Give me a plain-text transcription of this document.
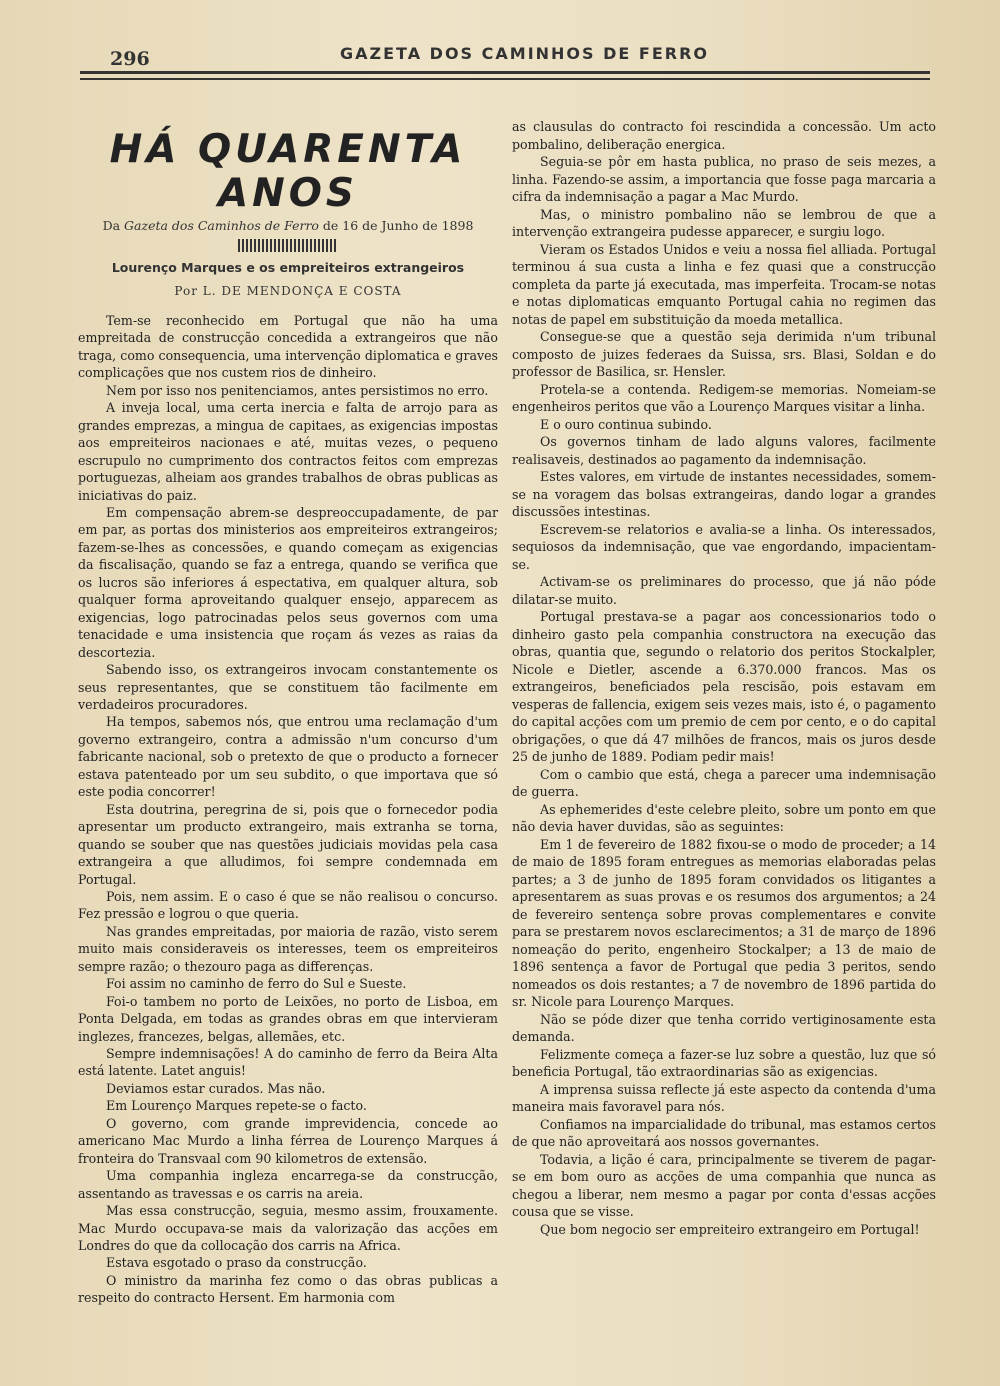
296	GAZETA DOS CAMINHOS DE FERRO
HÁ QUARENTA ANOS
Da Gazeta dos Caminhos de Ferro de 16 de Junho de 1898
Lourenço Marques e os empreiteiros extrangeiros
Por L. DE MENDONÇA E COSTA

Tem-se reconhecido em Portugal que não ha uma empreitada de construcção concedida a extrangeiros que não traga, como consequencia, uma intervenção diplomatica e graves complicações que nos custem rios de dinheiro.

Nem por isso nos penitenciamos, antes persistimos no erro.

A inveja local, uma certa inercia e falta de arrojo para as grandes emprezas, a mingua de capitaes, as exigencias impostas aos empreiteiros nacionaes e até, muitas vezes, o pequeno escrupulo no cumprimento dos contractos feitos com emprezas portuguezas, alheiam aos grandes trabalhos de obras publicas as iniciativas do paiz.

Em compensação abrem-se despreoccupadamente, de par em par, as portas dos ministerios aos empreiteiros extrangeiros; fazem-se-lhes as concessões, e quando começam as exigencias da fiscalisação, quando se faz a entrega, quando se verifica que os lucros são inferiores á espectativa, em qualquer altura, sob qualquer forma aproveitando qualquer ensejo, apparecem as exigencias, logo patrocinadas pelos seus governos com uma tenacidade e uma insistencia que roçam ás vezes as raias da descortezia.

Sabendo isso, os extrangeiros invocam constantemente os seus representantes, que se constituem tão facilmente em verdadeiros procuradores.

Ha tempos, sabemos nós, que entrou uma reclamação d'um governo extrangeiro, contra a admissão n'um concurso d'um fabricante nacional, sob o pretexto de que o producto a fornecer estava patenteado por um seu subdito, o que importava que só este podia concorrer!

Esta doutrina, peregrina de si, pois que o fornecedor podia apresentar um producto extrangeiro, mais extranha se torna, quando se souber que nas questões judiciais movidas pela casa extrangeira a que alludimos, foi sempre condemnada em Portugal.

Pois, nem assim. E o caso é que se não realisou o concurso. Fez pressão e logrou o que queria.

Nas grandes empreitadas, por maioria de razão, visto serem muito mais consideraveis os interesses, teem os empreiteiros sempre razão; o thezouro paga as differenças.

Foi assim no caminho de ferro do Sul e Sueste.

Foi-o tambem no porto de Leixões, no porto de Lisboa, em Ponta Delgada, em todas as grandes obras em que intervieram inglezes, francezes, belgas, allemães, etc.

Sempre indemnisações! A do caminho de ferro da Beira Alta está latente. Latet anguis!

Deviamos estar curados. Mas não.

Em Lourenço Marques repete-se o facto.

O governo, com grande imprevidencia, concede ao americano Mac Murdo a linha férrea de Lourenço Marques á fronteira do Transvaal com 90 kilometros de extensão.

Uma companhia ingleza encarrega-se da construcção, assentando as travessas e os carris na areia.

Mas essa construcção, seguia, mesmo assim, frouxamente. Mac Murdo occupava-se mais da valorização das acções em Londres do que da collocação dos carris na Africa.

Estava esgotado o praso da construcção.

O ministro da marinha fez como o das obras publicas a respeito do contracto Hersent. Em harmonia com

as clausulas do contracto foi rescindida a concessão. Um acto pombalino, deliberação energica.

Seguia-se pôr em hasta publica, no praso de seis mezes, a linha. Fazendo-se assim, a importancia que fosse paga marcaria a cifra da indemnisação a pagar a Mac Murdo.

Mas, o ministro pombalino não se lembrou de que a intervenção extrangeira pudesse apparecer, e surgiu logo.

Vieram os Estados Unidos e veiu a nossa fiel alliada. Portugal terminou á sua custa a linha e fez quasi que a construcção completa da parte já executada, mas imperfeita. Trocam-se notas e notas diplomaticas emquanto Portugal cahia no regimen das notas de papel em substituição da moeda metallica.

Consegue-se que a questão seja derimida n'um tribunal composto de juizes federaes da Suissa, srs. Blasi, Soldan e do professor de Basilica, sr. Hensler.

Protela-se a contenda. Redigem-se memorias. Nomeiam-se engenheiros peritos que vão a Lourenço Marques visitar a linha.

E o ouro continua subindo.

Os governos tinham de lado alguns valores, facilmente realisaveis, destinados ao pagamento da indemnisação.

Estes valores, em virtude de instantes necessidades, somem-se na voragem das bolsas extrangeiras, dando logar a grandes discussões intestinas.

Escrevem-se relatorios e avalia-se a linha. Os interessados, sequiosos da indemnisação, que vae engordando, impacientam-se.

Activam-se os preliminares do processo, que já não póde dilatar-se muito.

Portugal prestava-se a pagar aos concessionarios todo o dinheiro gasto pela companhia constructora na execução das obras, quantia que, segundo o relatorio dos peritos Stockalpler, Nicole e Dietler, ascende a 6.370.000 francos. Mas os extrangeiros, beneficiados pela rescisão, pois estavam em vesperas de fallencia, exigem seis vezes mais, isto é, o pagamento do capital acções com um premio de cem por cento, e o do capital obrigações, o que dá 47 milhões de francos, mais os juros desde 25 de junho de 1889. Podiam pedir mais!

Com o cambio que está, chega a parecer uma indemnisação de guerra.

As ephemerides d'este celebre pleito, sobre um ponto em que não devia haver duvidas, são as seguintes:

Em 1 de fevereiro de 1882 fixou-se o modo de proceder; a 14 de maio de 1895 foram entregues as memorias elaboradas pelas partes; a 3 de junho de 1895 foram convidados os litigantes a apresentarem as suas provas e os resumos dos argumentos; a 24 de fevereiro sentença sobre provas complementares e convite para se prestarem novos esclarecimentos; a 31 de março de 1896 nomeação do perito, engenheiro Stockalper; a 13 de maio de 1896 sentença a favor de Portugal que pedia 3 peritos, sendo nomeados os dois restantes; a 7 de novembro de 1896 partida do sr. Nicole para Lourenço Marques.

Não se póde dizer que tenha corrido vertiginosamente esta demanda.

Felizmente começa a fazer-se luz sobre a questão, luz que só beneficia Portugal, tão extraordinarias são as exigencias.

A imprensa suissa reflecte já este aspecto da contenda d'uma maneira mais favoravel para nós.

Confiamos na imparcialidade do tribunal, mas estamos certos de que não aproveitará aos nossos governantes.

Todavia, a lição é cara, principalmente se tiverem de pagar-se em bom ouro as acções de uma companhia que nunca as chegou a liberar, nem mesmo a pagar por conta d'essas acções cousa que se visse.

Que bom negocio ser empreiteiro extrangeiro em Portugal!
